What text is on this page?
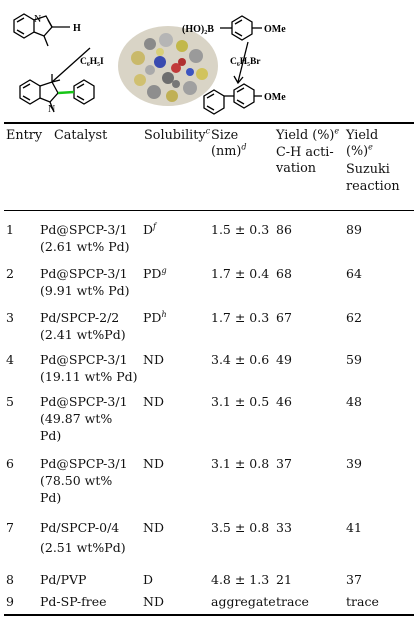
N
N
H	(HO)₂B	OMe
OMe
C₆H₅I	C₆H₅Br
Entry Catalyst	Solubility$^c$ Size
(nm)$^d$
Yield (%)$^e$
C-H acti-
vation
Yield
(%)$^e$
Suzuki
reaction
1 Pd@SPCP-3/1
(2.61 wt% Pd)
$D^f$	1.5 ± 0.3 86	89
2 Pd@SPCP-3/1
(9.91 wt% Pd)
$PD^g$	1.7 ± 0.4 68	64
3 Pd/SPCP-2/2
(2.41 wt%Pd)
$PD^h$	1.7 ± 0.3 67	62
4 Pd@SPCP-3/1
(19.11 wt% Pd)
ND	3.4 ± 0.6 49	59
5 Pd@SPCP-3/1
(49.87 wt%
Pd)
ND	3.1 ± 0.5 46	48
6 Pd@SPCP-3/1
(78.50 wt%
Pd)
ND	3.1 ± 0.8 37	39
7 Pd/SPCP-0/4
(2.51 wt%Pd)
ND	3.5 ± 0.8 33	41
8 Pd/PVP	D	4.8 ± 1.3 21	37
9 Pd-SP-free	ND	aggregate trace	trace
